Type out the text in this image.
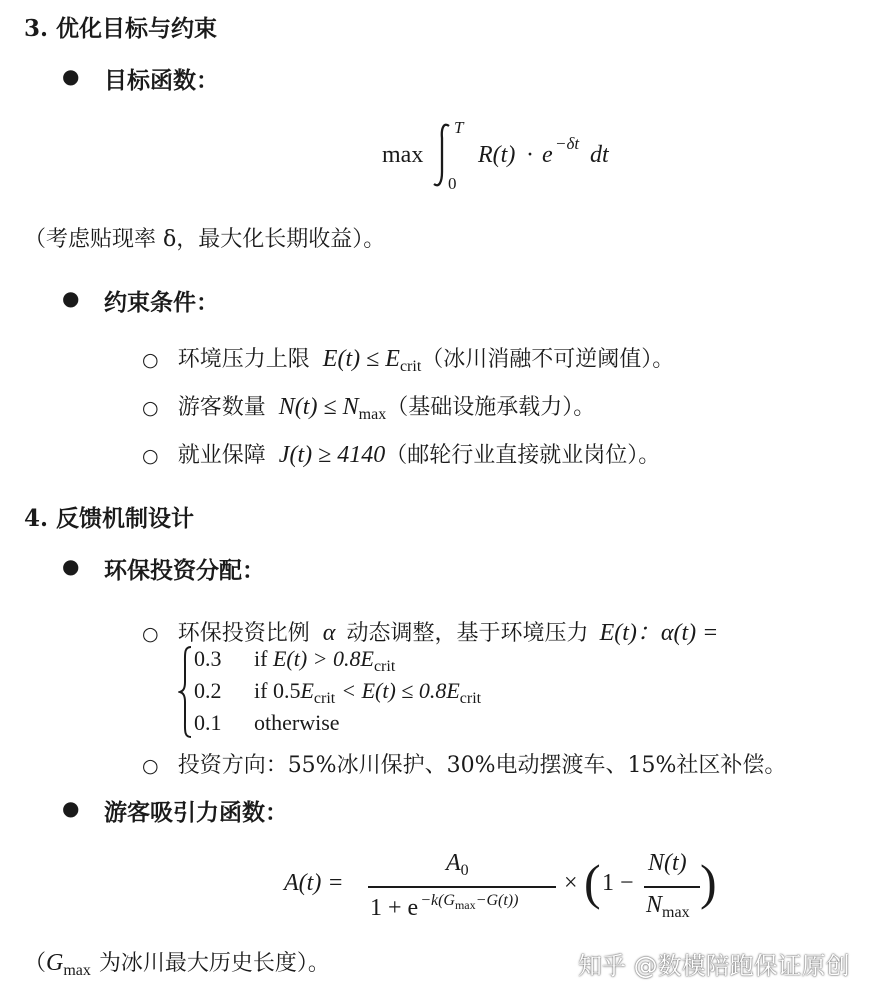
3. 优化目标与约束
● 目标函数：
max
T
0
R(t) · e −δt dt
（考虑贴现率 δ，最大化长期收益）。
● 约束条件：
○ 环境压力上限 $E(t) \le E_{crit}$（冰川消融不可逆阈值）。
○ 游客数量 $N(t) \le N_{max}$（基础设施承载力）。
○ 就业保障 J(t) ≥ 4140（邮轮行业直接就业岗位）。
4. 反馈机制设计
● 环保投资分配：
○ 环保投资比例 α 动态调整，基于环境压力 E(t)：α(t) =
0.3 if $E(t) > 0.8E_{crit}$
0.2 if $0.5E_{crit} < E(t) \le 0.8E_{crit}$
0.1 otherwise
○ 投资方向：55%冰川保护、30%电动摆渡车、15%社区补偿。
● 游客吸引力函数：
A(t) =
$A_0$
1 + e $^{-k(Gmax-G(t))}$
× ( 1 −
N(t)
$N_{max}$
)
（$G_{max}$ 为冰川最大历史长度）。	知乎 @数模陪跑保证原创
